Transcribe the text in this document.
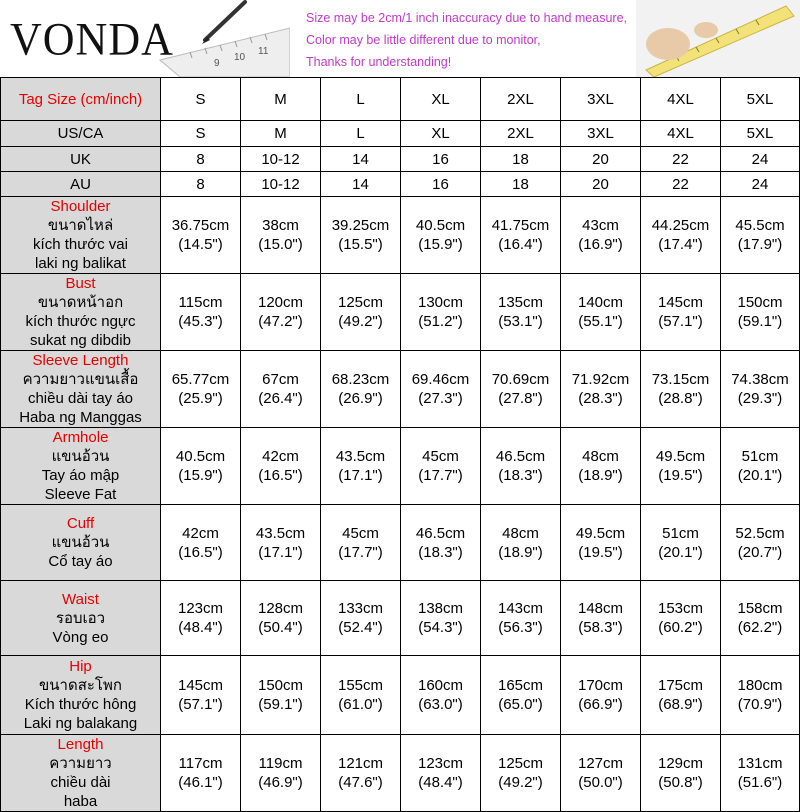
VONDA	9
10
11
Size may be 2cm/1 inch inaccuracy due to hand measure,
Color may be little different due to monitor,
Thanks for understanding!
Tag Size (cm/inch)	S	M	L	XL	2XL	3XL	4XL	5XL

US/CA	S	M	L	XL	2XL	3XL	4XL	5XL

UK	8	10-12	14	16	18	20	22	24

AU	8	10-12	14	16	18	20	22	24

Shoulder
ขนาดไหล่
kích thước vai
laki ng balikat	36.75cm
(14.5")	38cm
(15.0")	39.25cm
(15.5")	40.5cm
(15.9")	41.75cm
(16.4")	43cm
(16.9")	44.25cm
(17.4")	45.5cm
(17.9")

Bust
ขนาดหน้าอก
kích thước ngực
sukat ng dibdib	115cm
(45.3")	120cm
(47.2")	125cm
(49.2")	130cm
(51.2")	135cm
(53.1")	140cm
(55.1")	145cm
(57.1")	150cm
(59.1")

Sleeve Length
ความยาวแขนเสื้อ
chiều dài tay áo
Haba ng Manggas	65.77cm
(25.9")	67cm
(26.4")	68.23cm
(26.9")	69.46cm
(27.3")	70.69cm
(27.8")	71.92cm
(28.3")	73.15cm
(28.8")	74.38cm
(29.3")

Armhole
แขนอ้วน
Tay áo mập
Sleeve Fat	40.5cm
(15.9")	42cm
(16.5")	43.5cm
(17.1")	45cm
(17.7")	46.5cm
(18.3")	48cm
(18.9")	49.5cm
(19.5")	51cm
(20.1")

Cuff
แขนอ้วน
Cổ tay áo	42cm
(16.5")	43.5cm
(17.1")	45cm
(17.7")	46.5cm
(18.3")	48cm
(18.9")	49.5cm
(19.5")	51cm
(20.1")	52.5cm
(20.7")

Waist
รอบเอว
Vòng eo	123cm
(48.4")	128cm
(50.4")	133cm
(52.4")	138cm
(54.3")	143cm
(56.3")	148cm
(58.3")	153cm
(60.2")	158cm
(62.2")

Hip
ขนาดสะโพก
Kích thước hông
Laki ng balakang	145cm
(57.1")	150cm
(59.1")	155cm
(61.0")	160cm
(63.0")	165cm
(65.0")	170cm
(66.9")	175cm
(68.9")	180cm
(70.9")

Length
ความยาว
chiều dài
haba	117cm
(46.1")	119cm
(46.9")	121cm
(47.6")	123cm
(48.4")	125cm
(49.2")	127cm
(50.0")	129cm
(50.8")	131cm
(51.6")
